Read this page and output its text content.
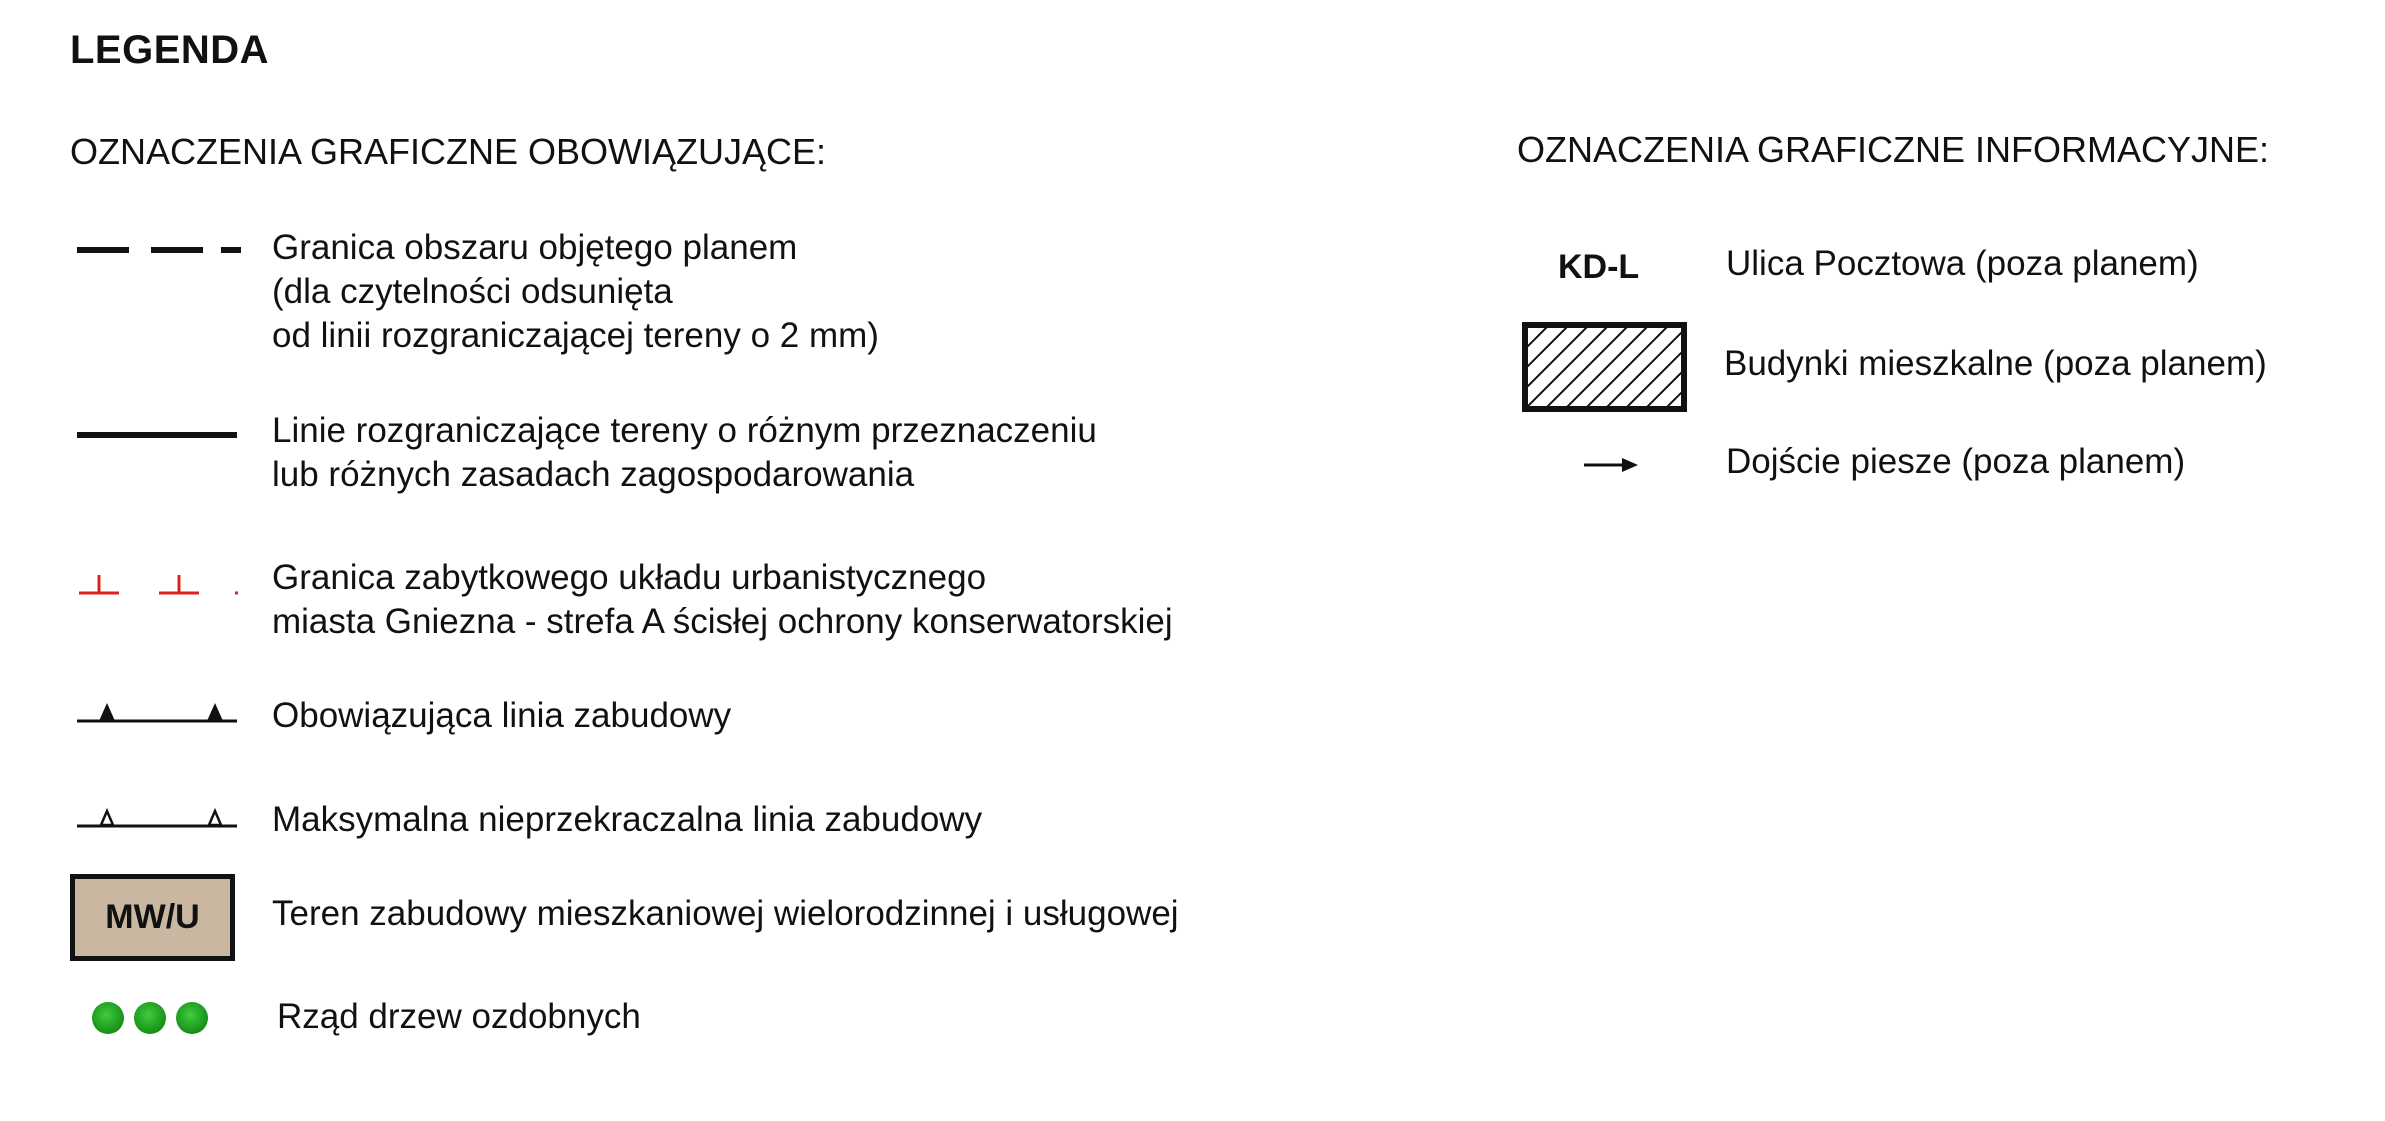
LEGENDA
OZNACZENIA GRAFICZNE OBOWIĄZUJĄCE:
Granica obszaru objętego planem
(dla czytelności odsunięta
od linii rozgraniczającej tereny o 2 mm)
Linie rozgraniczające tereny o różnym przeznaczeniu
lub różnych zasadach zagospodarowania
Granica zabytkowego układu urbanistycznego
miasta Gniezna - strefa A ścisłej ochrony konserwatorskiej
Obowiązująca linia zabudowy
Maksymalna nieprzekraczalna linia zabudowy
MW/U Teren zabudowy mieszkaniowej wielorodzinnej i usługowej
Rząd drzew ozdobnych
OZNACZENIA GRAFICZNE INFORMACYJNE:
KD-L Ulica Pocztowa (poza planem)
Budynki mieszkalne (poza planem)
Dojście piesze (poza planem)
